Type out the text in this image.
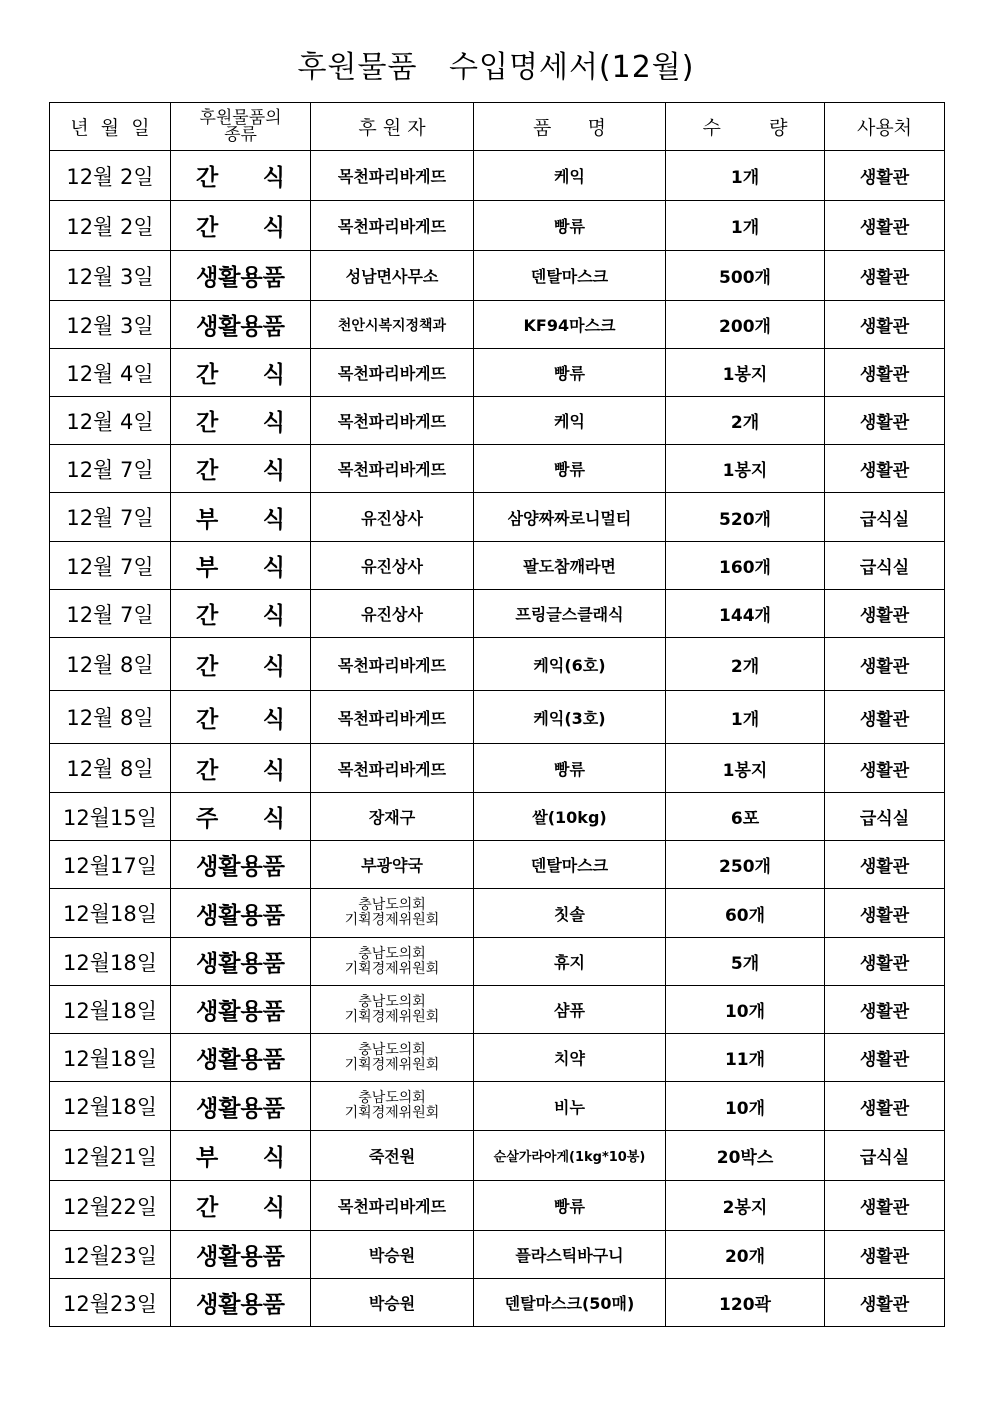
후원물품   수입명세서(12월)
년  월  일	후원물품의
종류	후 원 자	품      명	수        량	사용처
12월 2일	간 식	목천파리바게뜨	케익	1개	생활관
12월 2일	간 식	목천파리바게뜨	빵류	1개	생활관
12월 3일	생활용품	성남면사무소	덴탈마스크	500개	생활관
12월 3일	생활용품	천안시복지정책과	KF94마스크	200개	생활관
12월 4일	간 식	목천파리바게뜨	빵류	1봉지	생활관
12월 4일	간 식	목천파리바게뜨	케익	2개	생활관
12월 7일	간 식	목천파리바게뜨	빵류	1봉지	생활관
12월 7일	부 식	유진상사	삼양짜짜로니멀티	520개	급식실
12월 7일	부 식	유진상사	팔도참깨라면	160개	급식실
12월 7일	간 식	유진상사	프링글스클래식	144개	생활관
12월 8일	간 식	목천파리바게뜨	케익(6호)	2개	생활관
12월 8일	간 식	목천파리바게뜨	케익(3호)	1개	생활관
12월 8일	간 식	목천파리바게뜨	빵류	1봉지	생활관
12월15일	주 식	장재구	쌀(10kg)	6포	급식실
12월17일	생활용품	부광약국	덴탈마스크	250개	생활관
12월18일	생활용품	충남도의회
기획경제위원회	칫솔	60개	생활관
12월18일	생활용품	충남도의회
기획경제위원회	휴지	5개	생활관
12월18일	생활용품	충남도의회
기획경제위원회	샴퓨	10개	생활관
12월18일	생활용품	충남도의회
기획경제위원회	치약	11개	생활관
12월18일	생활용품	충남도의회
기획경제위원회	비누	10개	생활관
12월21일	부 식	죽전원	순살가라아게(1kg*10봉)	20박스	급식실
12월22일	간 식	목천파리바게뜨	빵류	2봉지	생활관
12월23일	생활용품	박승원	플라스틱바구니	20개	생활관
12월23일	생활용품	박승원	덴탈마스크(50매)	120곽	생활관
